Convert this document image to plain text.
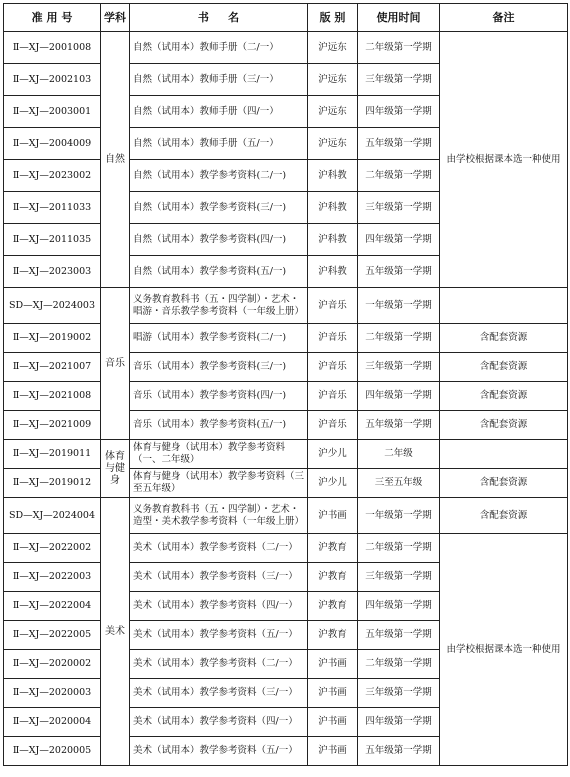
准 用 号	学科	书     名	版 别	使用时间	备注
Ⅱ—XJ—2001008	自然	自然（试用本）教师手册（二/一）	沪远东	二年级第一学期	由学校根据课本选一种使用
Ⅱ—XJ—2002103		自然（试用本）教师手册（三/一）	沪远东	三年级第一学期	
Ⅱ—XJ—2003001		自然（试用本）教师手册（四/一）	沪远东	四年级第一学期	
Ⅱ—XJ—2004009		自然（试用本）教师手册（五/一）	沪远东	五年级第一学期	
Ⅱ—XJ—2023002		自然（试用本）教学参考资料(二/一)	沪科教	二年级第一学期	
Ⅱ—XJ—2011033		自然（试用本）教学参考资料(三/一)	沪科教	三年级第一学期	
Ⅱ—XJ—2011035		自然（试用本）教学参考资料(四/一)	沪科教	四年级第一学期	
Ⅱ—XJ—2023003		自然（试用本）教学参考资料(五/一)	沪科教	五年级第一学期	
SD—XJ—2024003	音乐	义务教育教科书（五・四学制）・艺术・唱游・音乐教学参考资料（一年级上册）	沪音乐	一年级第一学期	
Ⅱ—XJ—2019002		唱游（试用本）教学参考资料(二/一)	沪音乐	二年级第一学期	含配套资源
Ⅱ—XJ—2021007		音乐（试用本）教学参考资料(三/一)	沪音乐	三年级第一学期	含配套资源
Ⅱ—XJ—2021008		音乐（试用本）教学参考资料(四/一)	沪音乐	四年级第一学期	含配套资源
Ⅱ—XJ—2021009		音乐（试用本）教学参考资料(五/一)	沪音乐	五年级第一学期	含配套资源
Ⅱ—XJ—2019011	体育与健身	体育与健身（试用本）教学参考资料（一、二年级）	沪少儿	二年级	
Ⅱ—XJ—2019012		体育与健身（试用本）教学参考资料（三至五年级）	沪少儿	三至五年级	含配套资源
SD—XJ—2024004	美术	义务教育教科书（五・四学制）・艺术・造型・美术教学参考资料（一年级上册）	沪书画	一年级第一学期	含配套资源
Ⅱ—XJ—2022002		美术（试用本）教学参考资料（二/一）	沪教育	二年级第一学期	由学校根据课本选一种使用
Ⅱ—XJ—2022003		美术（试用本）教学参考资料（三/一）	沪教育	三年级第一学期	
Ⅱ—XJ—2022004		美术（试用本）教学参考资料（四/一）	沪教育	四年级第一学期	
Ⅱ—XJ—2022005		美术（试用本）教学参考资料（五/一）	沪教育	五年级第一学期	
Ⅱ—XJ—2020002		美术（试用本）教学参考资料（二/一）	沪书画	二年级第一学期	
Ⅱ—XJ—2020003		美术（试用本）教学参考资料（三/一）	沪书画	三年级第一学期	
Ⅱ—XJ—2020004		美术（试用本）教学参考资料（四/一）	沪书画	四年级第一学期	
Ⅱ—XJ—2020005		美术（试用本）教学参考资料（五/一）	沪书画	五年级第一学期	
